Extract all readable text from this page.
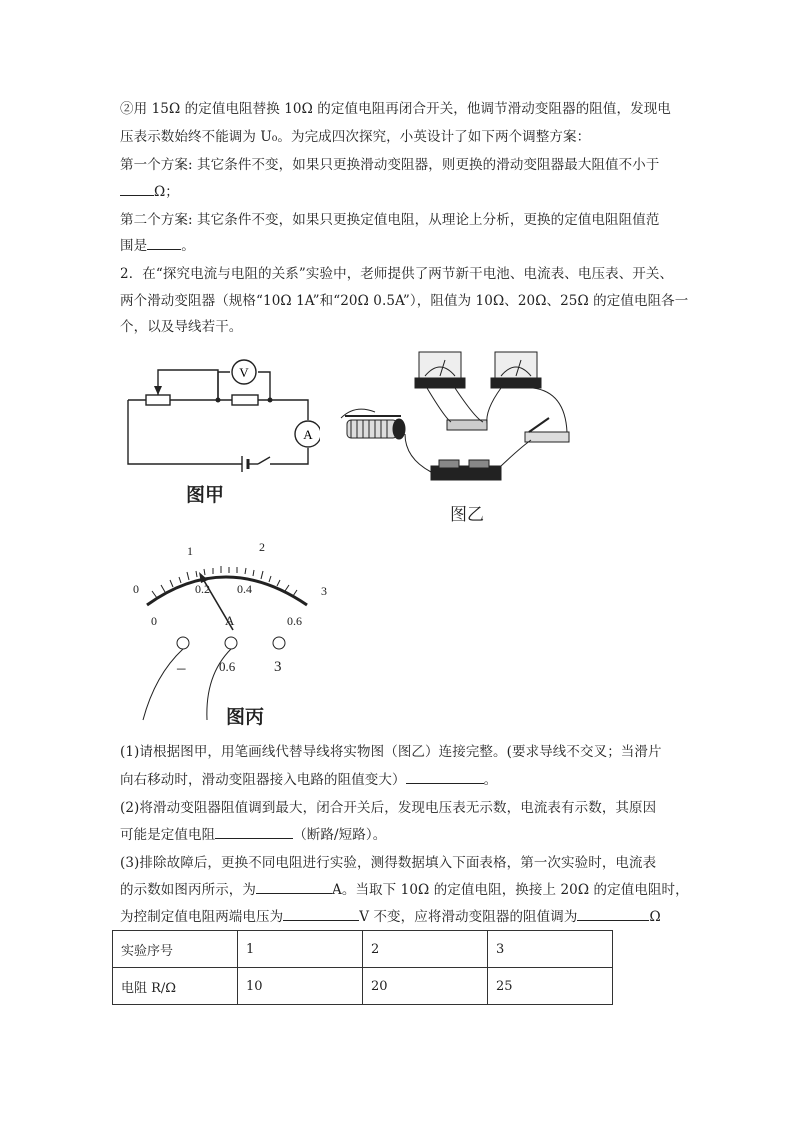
②用 15Ω 的定值电阻替换 10Ω 的定值电阻再闭合开关，他调节滑动变阻器的阻值，发现电
压表示数始终不能调为 U₀。为完成四次探究，小英设计了如下两个调整方案：
第一个方案: 其它条件不变，如果只更换滑动变阻器，则更换的滑动变阻器最大阻值不小于
Ω；
第二个方案: 其它条件不变，如果只更换定值电阻，从理论上分析，更换的定值电阻阻值范
围是	。
2．在“探究电流与电阻的关系”实验中，老师提供了两节新干电池、电流表、电压表、开关、
两个滑动变阻器（规格“10Ω 1A”和“20Ω 0.5A”），阻值为 10Ω、20Ω、25Ω 的定值电阻各一
个，以及导线若干。
V
A
图甲
图乙
0
1	2
3
0
0.2 0.4
0.6
A
–	0.6	3
图丙
(1)请根据图甲，用笔画线代替导线将实物图（图乙）连接完整。(要求导线不交叉；当滑片
向右移动时，滑动变阻器接入电路的阻值变大）	。
(2)将滑动变阻器阻值调到最大，闭合开关后，发现电压表无示数，电流表有示数，其原因
可能是定值电阻	（断路/短路）。
(3)排除故障后，更换不同电阻进行实验，测得数据填入下面表格，第一次实验时，电流表
的示数如图丙所示，为	A。当取下 10Ω 的定值电阻，换接上 20Ω 的定值电阻时，
为控制定值电阻两端电压为	V 不变，应将滑动变阻器的阻值调为	Ω
实验序号	1	2	3
电阻 R/Ω	10	20	25
